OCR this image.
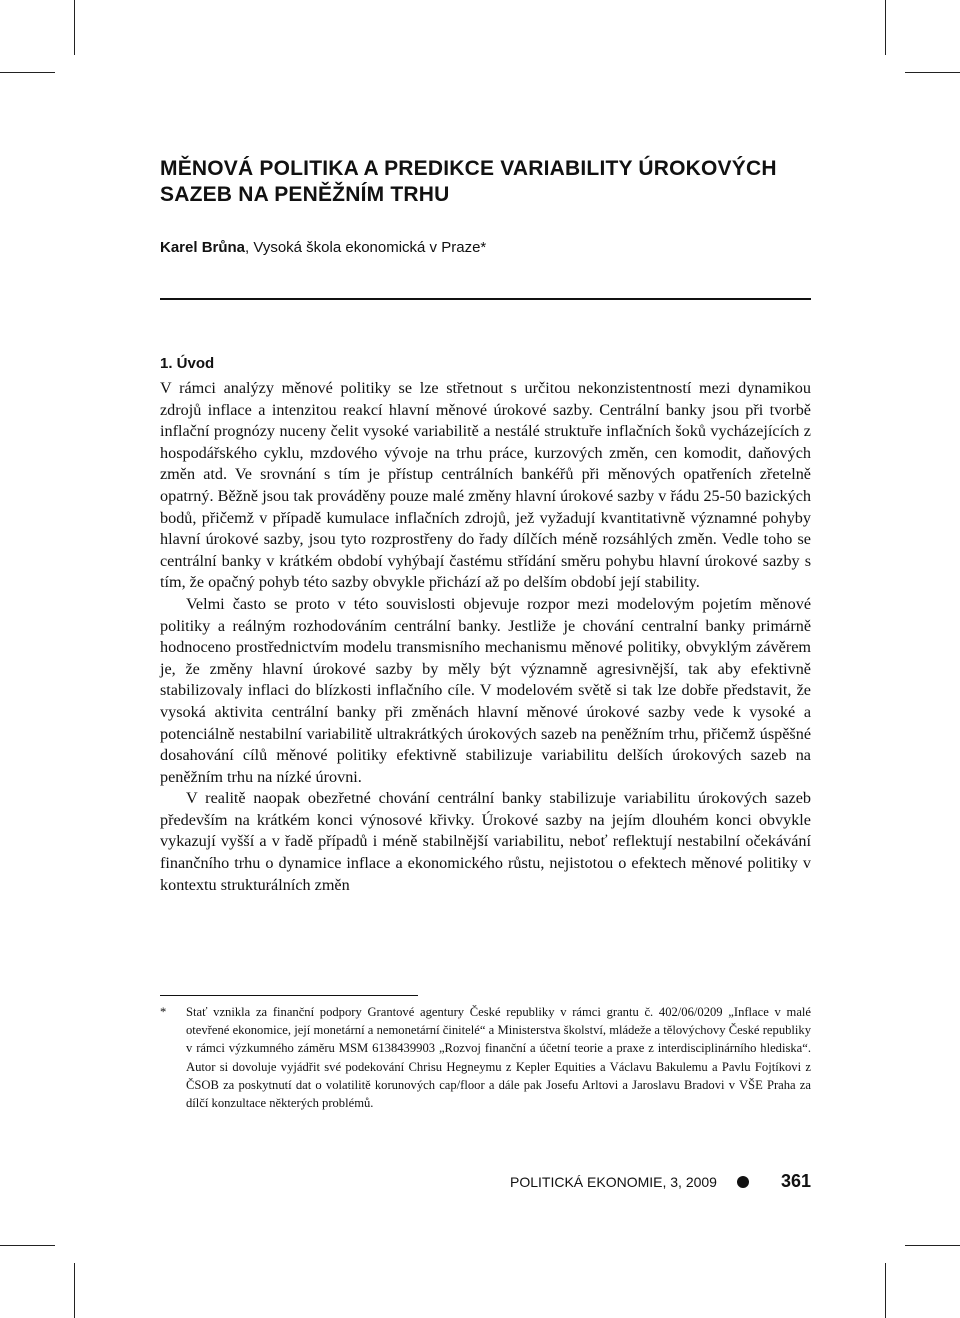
MĚNOVÁ POLITIKA A PREDIKCE VARIABILITY ÚROKOVÝCH
SAZEB NA PENĚŽNÍM TRHU
Karel Brůna, Vysoká škola ekonomická v Praze*
1. Úvod

V rámci analýzy měnové politiky se lze střetnout s určitou nekonzistentností mezi dynamikou zdrojů inflace a intenzitou reakcí hlavní měnové úrokové sazby. Centrální banky jsou při tvorbě inflační prognózy nuceny čelit vysoké variabilitě a nestálé struktuře inflačních šoků vycházejících z hospodářského cyklu, mzdového vývoje na trhu práce, kurzových změn, cen komodit, daňových změn atd. Ve srovnání s tím je přístup centrálních bankéřů při měnových opatřeních zřetelně opatrný. Běžně jsou tak prováděny pouze malé změny hlavní úrokové sazby v řádu 25-50 bazických bodů, přičemž v případě kumulace inflačních zdrojů, jež vyžadují kvantitativně významné pohyby hlavní úrokové sazby, jsou tyto rozprostřeny do řady dílčích méně rozsáhlých změn. Vedle toho se centrální banky v krátkém období vyhýbají častému střídání směru pohybu hlavní úrokové sazby s tím, že opačný pohyb této sazby obvykle přichází až po delším období její stability.

Velmi často se proto v této souvislosti objevuje rozpor mezi modelovým pojetím měnové politiky a reálným rozhodováním centrální banky. Jestliže je chování centralní banky primárně hodnoceno prostřednictvím modelu transmisního mechanismu měnové politiky, obvyklým závěrem je, že změny hlavní úrokové sazby by měly být významně agresivnější, tak aby efektivně stabilizovaly inflaci do blízkosti inflačního cíle. V modelovém světě si tak lze dobře představit, že vysoká aktivita centrální banky při změnách hlavní měnové úrokové sazby vede k vysoké a potenciálně nestabilní variabilitě ultrakrátkých úrokových sazeb na peněžním trhu, přičemž úspěšné dosahování cílů měnové politiky efektivně stabilizuje variabilitu delších úrokových sazeb na peněžním trhu na nízké úrovni.

V realitě naopak obezřetné chování centrální banky stabilizuje variabilitu úrokových sazeb především na krátkém konci výnosové křivky. Úrokové sazby na jejím dlouhém konci obvykle vykazují vyšší a v řadě případů i méně stabilnější variabilitu, neboť reflektují nestabilní očekávání finančního trhu o dynamice inflace a ekonomického růstu, nejistotou o efektech měnové politiky v kontextu strukturálních změn

* Stať vznikla za finanční podpory Grantové agentury České republiky v rámci grantu č. 402/06/0209 „Inflace v malé otevřené ekonomice, její monetární a nemonetární činitelé“ a Ministerstva školství, mládeže a tělovýchovy České republiky v rámci výzkumného záměru MSM 6138439903 „Rozvoj finanční a účetní teorie a praxe z interdisciplinárního hlediska“. Autor si dovoluje vyjádřit své podekování Chrisu Hegneymu z Kepler Equities a Václavu Bakulemu a Pavlu Fojtíkovi z ČSOB za poskytnutí dat o volatilitě korunových cap/floor a dále pak Josefu Arltovi a Jaroslavu Bradovi v VŠE Praha za dílčí konzultace některých problémů.
POLITICKÁ EKONOMIE, 3, 2009	361
